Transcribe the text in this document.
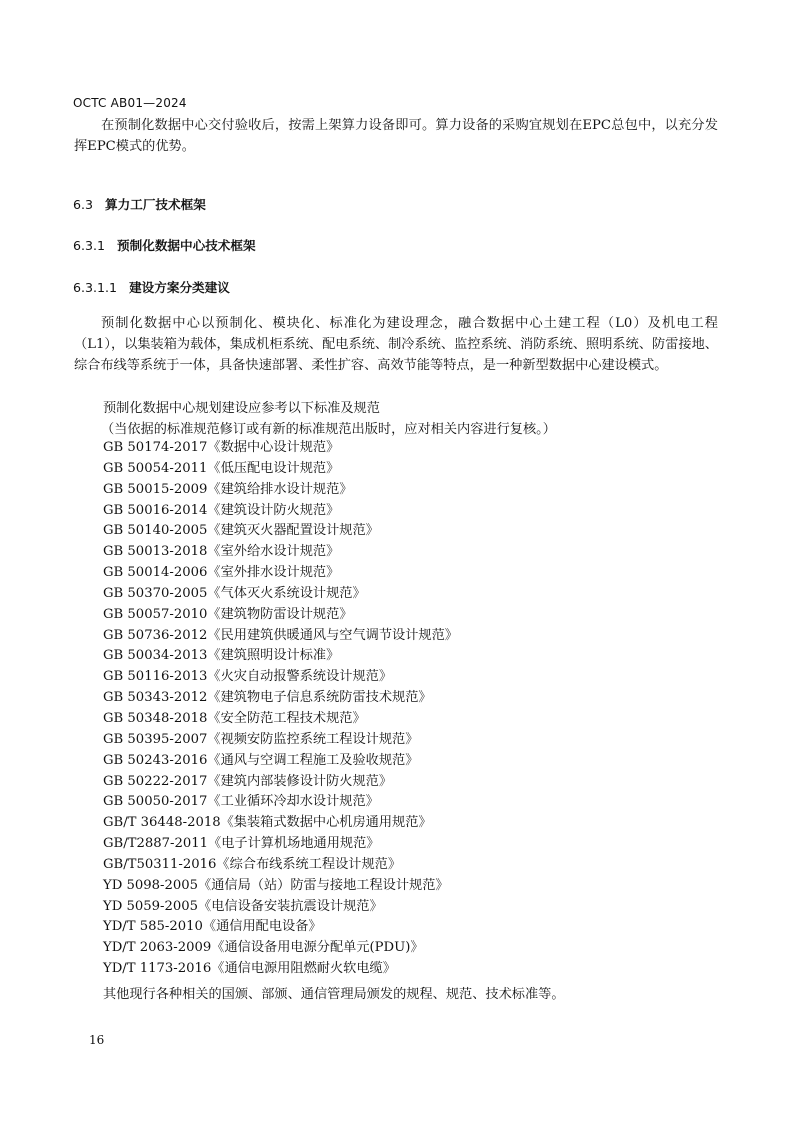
OCTC AB01—2024

在预制化数据中心交付验收后，按需上架算力设备即可。算力设备的采购宜规划在EPC总包中，以充分发挥EPC模式的优势。

6.3 算力工厂技术框架
6.3.1 预制化数据中心技术框架
6.3.1.1 建设方案分类建议

预制化数据中心以预制化、模块化、标准化为建设理念，融合数据中心土建工程（L0）及机电工程（L1），以集装箱为载体，集成机柜系统、配电系统、制冷系统、监控系统、消防系统、照明系统、防雷接地、综合布线等系统于一体，具备快速部署、柔性扩容、高效节能等特点，是一种新型数据中心建设模式。

预制化数据中心规划建设应参考以下标准及规范
（当依据的标准规范修订或有新的标准规范出版时，应对相关内容进行复核。）
GB 50174-2017《数据中心设计规范》
GB 50054-2011《低压配电设计规范》
GB 50015-2009《建筑给排水设计规范》
GB 50016-2014《建筑设计防火规范》
GB 50140-2005《建筑灭火器配置设计规范》
GB 50013-2018《室外给水设计规范》
GB 50014-2006《室外排水设计规范》
GB 50370-2005《气体灭火系统设计规范》
GB 50057-2010《建筑物防雷设计规范》
GB 50736-2012《民用建筑供暖通风与空气调节设计规范》
GB 50034-2013《建筑照明设计标准》
GB 50116-2013《火灾自动报警系统设计规范》
GB 50343-2012《建筑物电子信息系统防雷技术规范》
GB 50348-2018《安全防范工程技术规范》
GB 50395-2007《视频安防监控系统工程设计规范》
GB 50243-2016《通风与空调工程施工及验收规范》
GB 50222-2017《建筑内部装修设计防火规范》
GB 50050-2017《工业循环冷却水设计规范》
GB/T 36448-2018《集装箱式数据中心机房通用规范》
GB/T2887-2011《电子计算机场地通用规范》
GB/T50311-2016《综合布线系统工程设计规范》
YD 5098-2005《通信局（站）防雷与接地工程设计规范》
YD 5059-2005《电信设备安装抗震设计规范》
YD/T 585-2010《通信用配电设备》
YD/T 2063-2009《通信设备用电源分配单元(PDU)》
YD/T 1173-2016《通信电源用阻燃耐火软电缆》
其他现行各种相关的国颁、部颁、通信管理局颁发的规程、规范、技术标准等。
16
